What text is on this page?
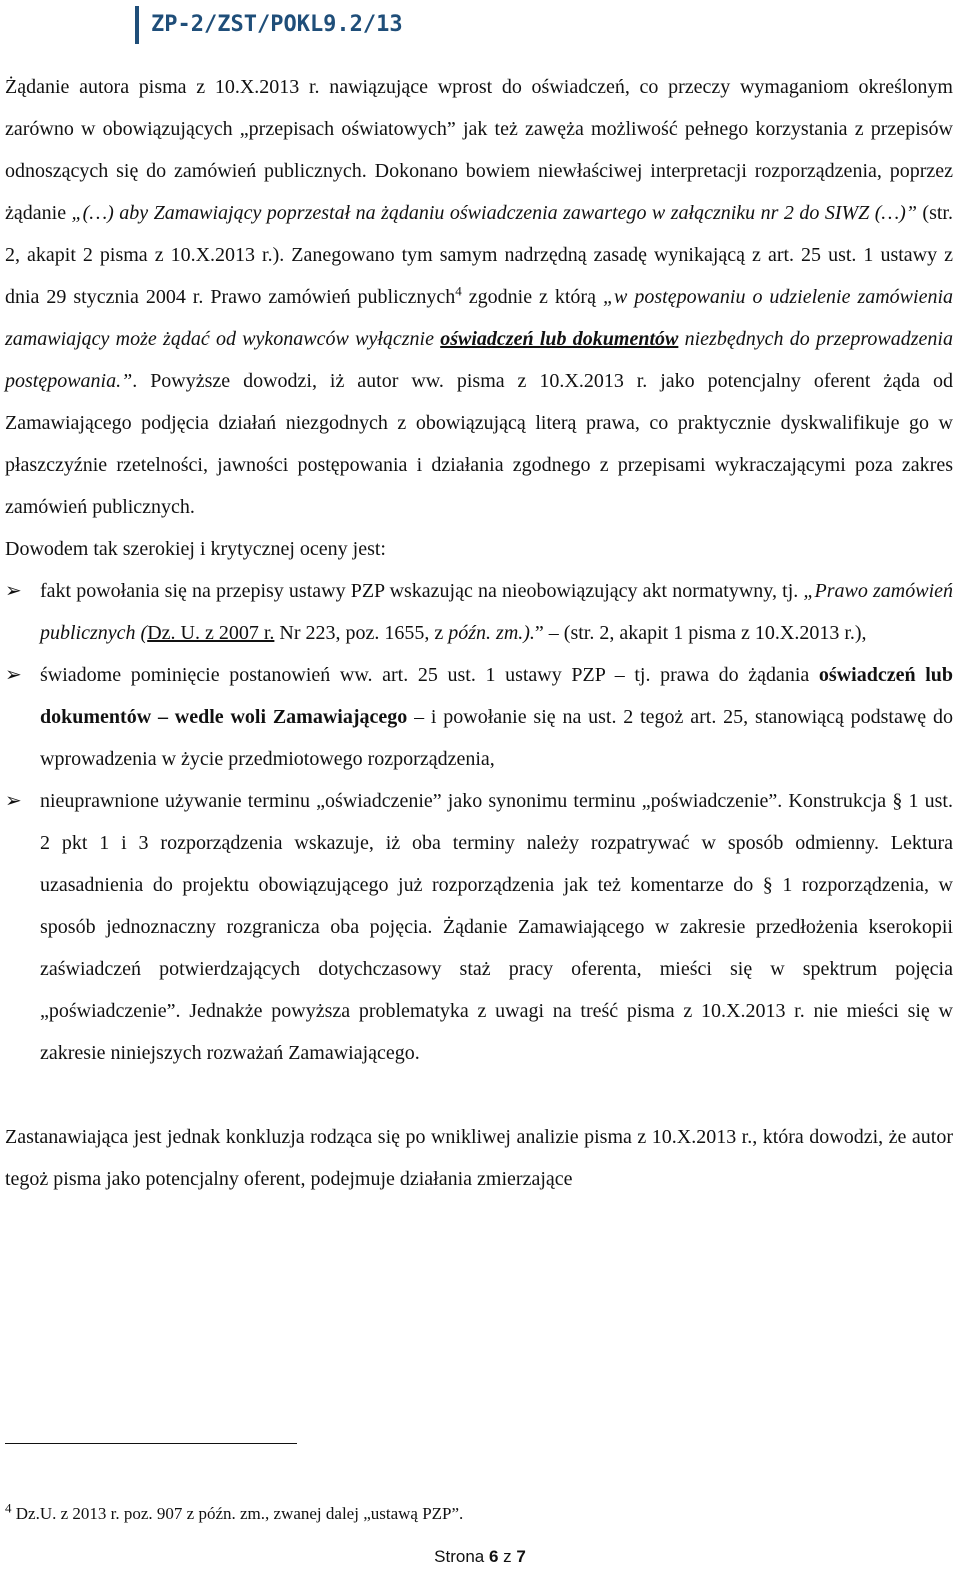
ZP-2/ZST/POKL9.2/13

Żądanie autora pisma z 10.X.2013 r. nawiązujące wprost do oświadczeń, co przeczy wymaganiom określonym zarówno w obowiązujących „przepisach oświatowych” jak też zawęża możliwość pełnego korzystania z przepisów odnoszących się do zamówień publicznych. Dokonano bowiem niewłaściwej interpretacji rozporządzenia, poprzez żądanie „(…) aby Zamawiający poprzestał na żądaniu oświadczenia zawartego w załączniku nr 2 do SIWZ (…)” (str. 2, akapit 2 pisma z 10.X.2013 r.). Zanegowano tym samym nadrzędną zasadę wynikającą z art. 25 ust. 1 ustawy z dnia 29 stycznia 2004 r. Prawo zamówień publicznych$^4$ zgodnie z którą „w postępowaniu o udzielenie zamówienia zamawiający może żądać od wykonawców wyłącznie oświadczeń lub dokumentów niezbędnych do przeprowadzenia postępowania.”. Powyższe dowodzi, iż autor ww. pisma z 10.X.2013 r. jako potencjalny oferent żąda od Zamawiającego podjęcia działań niezgodnych z obowiązującą literą prawa, co praktycznie dyskwalifikuje go w płaszczyźnie rzetelności, jawności postępowania i działania zgodnego z przepisami wykraczającymi poza zakres zamówień publicznych.

Dowodem tak szerokiej i krytycznej oceny jest:

➢ fakt powołania się na przepisy ustawy PZP wskazując na nieobowiązujący akt normatywny, tj. „Prawo zamówień publicznych (Dz. U. z 2007 r. Nr 223, poz. 1655, z późn. zm.).” – (str. 2, akapit 1 pisma z 10.X.2013 r.),
➢ świadome pominięcie postanowień ww. art. 25 ust. 1 ustawy PZP – tj. prawa do żądania oświadczeń lub dokumentów – wedle woli Zamawiającego – i powołanie się na ust. 2 tegoż art. 25, stanowiącą podstawę do wprowadzenia w życie przedmiotowego rozporządzenia,
➢ nieuprawnione używanie terminu „oświadczenie” jako synonimu terminu „poświadczenie”. Konstrukcja § 1 ust. 2 pkt 1 i 3 rozporządzenia wskazuje, iż oba terminy należy rozpatrywać w sposób odmienny. Lektura uzasadnienia do projektu obowiązującego już rozporządzenia jak też komentarze do § 1 rozporządzenia, w sposób jednoznaczny rozgranicza oba pojęcia. Żądanie Zamawiającego w zakresie przedłożenia kserokopii zaświadczeń potwierdzających dotychczasowy staż pracy oferenta, mieści się w spektrum pojęcia „poświadczenie”. Jednakże powyższa problematyka z uwagi na treść pisma z 10.X.2013 r. nie mieści się w zakresie niniejszych rozważań Zamawiającego.

Zastanawiająca jest jednak konkluzja rodząca się po wnikliwej analizie pisma z 10.X.2013 r., która dowodzi, że autor tegoż pisma jako potencjalny oferent, podejmuje działania zmierzające

$^4$ Dz.U. z 2013 r. poz. 907 z późn. zm., zwanej dalej „ustawą PZP”.
Strona 6 z 7
